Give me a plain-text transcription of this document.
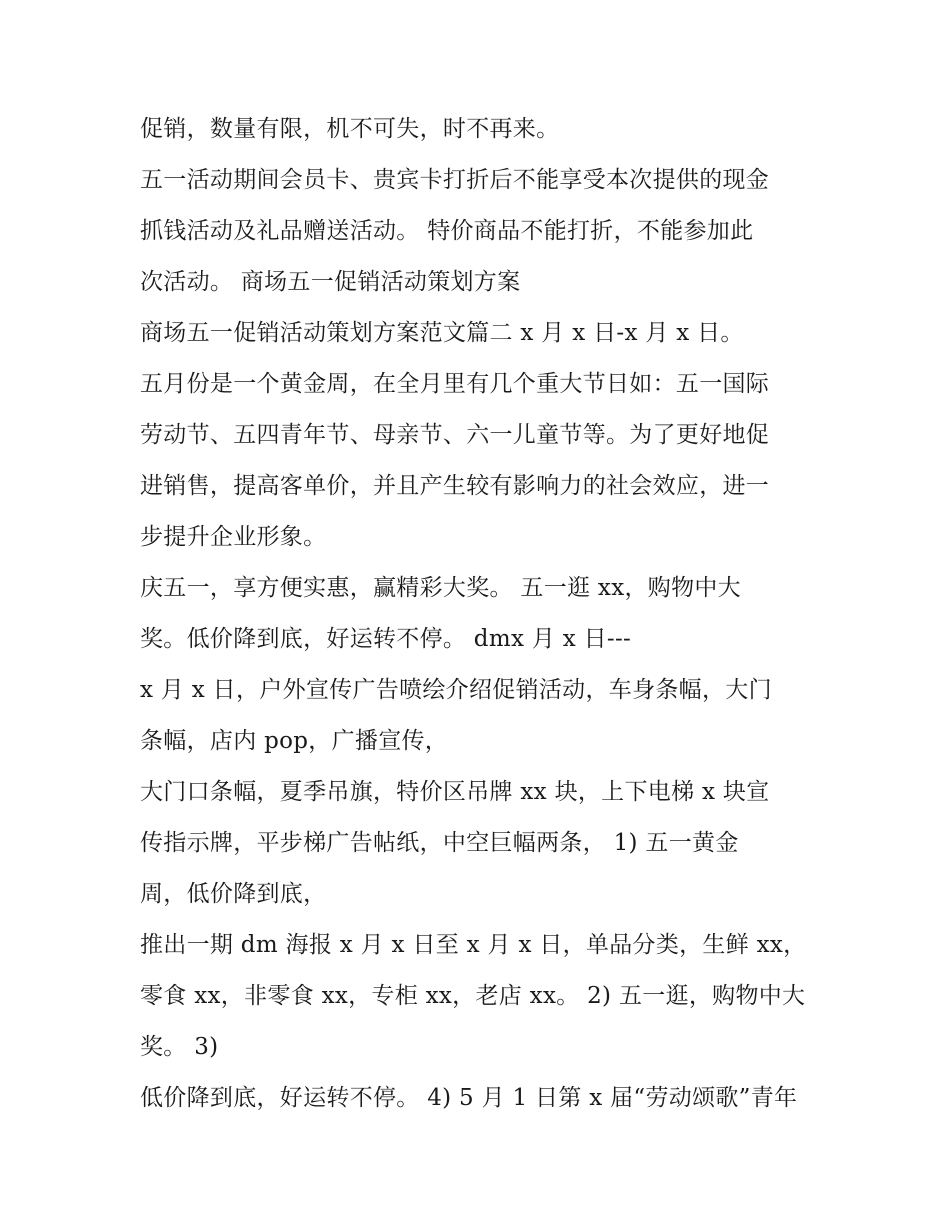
促销，数量有限，机不可失，时不再来。
五一活动期间会员卡、贵宾卡打折后不能享受本次提供的现金
抓钱活动及礼品赠送活动。 特价商品不能打折，不能参加此
次活动。 商场五一促销活动策划方案
商场五一促销活动策划方案范文篇二 x 月 x 日-x 月 x 日。
五月份是一个黄金周，在全月里有几个重大节日如：五一国际
劳动节、五四青年节、母亲节、六一儿童节等。为了更好地促
进销售，提高客单价，并且产生较有影响力的社会效应，进一
步提升企业形象。
庆五一，享方便实惠，赢精彩大奖。 五一逛 xx，购物中大
奖。低价降到底，好运转不停。 dmx 月 x 日---
x 月 x 日，户外宣传广告喷绘介绍促销活动，车身条幅，大门
条幅，店内 pop，广播宣传，
大门口条幅，夏季吊旗，特价区吊牌 xx 块，上下电梯 x 块宣
传指示牌，平步梯广告帖纸，中空巨幅两条， 1) 五一黄金
周，低价降到底，
推出一期 dm 海报 x 月 x 日至 x 月 x 日，单品分类，生鲜 xx，
零食 xx，非零食 xx，专柜 xx，老店 xx。 2) 五一逛，购物中大
奖。 3)
低价降到底，好运转不停。 4) 5 月 1 日第 x 届“劳动颂歌”青年
